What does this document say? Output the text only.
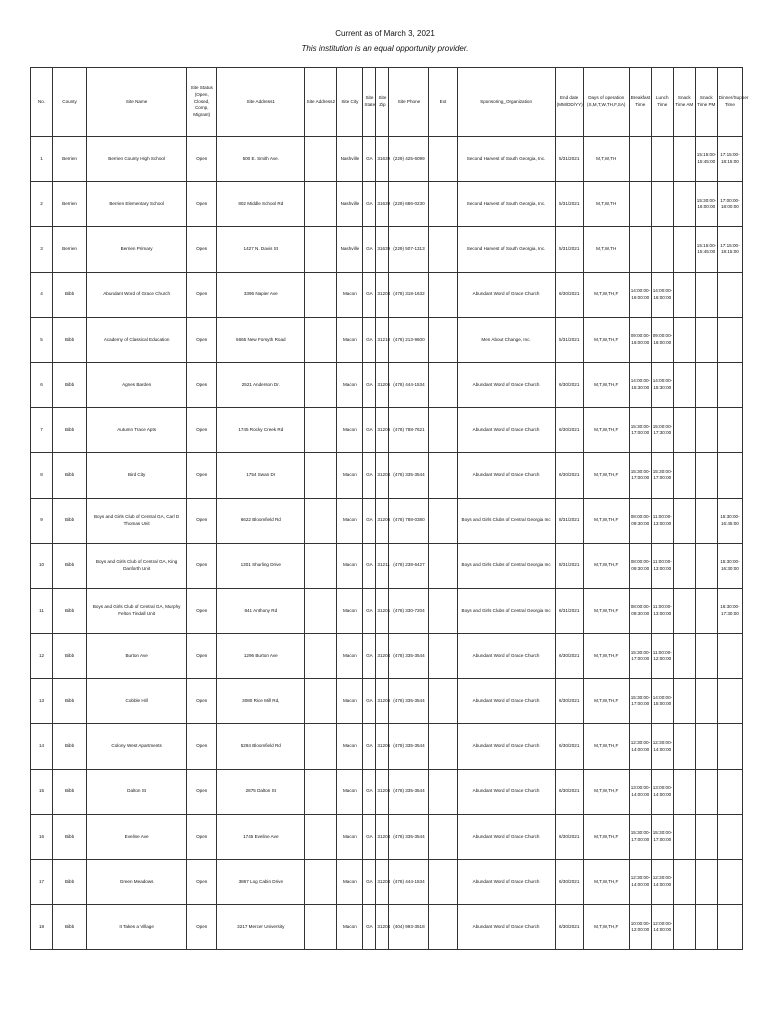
Current as of March 3, 2021
This institution is an equal opportunity provider.
No.	County	Site Name	Site Status (Open, Closed, Comp, Migrant)	Site Address1	Site Address2	Site City	Site State	Site Zip	Site Phone	Ext	Sponsoring_Organization	End date (MM/DD/YY)	Days of operation (S,M,T,W,TH,F,SA)	Breakfast Time	Lunch Time	Snack Time AM	Snack Time PM	Dinner/Supper Time
1	Berrien	Berrien County High School	Open	500 E. Smith Ave.		Nashville	GA	31639	(229) 425-6099		Second Harvest of South Georgia, Inc.	5/31/2021	M,T,W,TH				15:15:00-15:45:00	17:15:00-18:15:00
2	Berrien	Berrien Elementary School	Open	802 Middle School Rd		Nashville	GA	31639	(229) 686-0230		Second Harvest of South Georgia, Inc.	5/31/2021	M,T,W,TH				15:30:00-16:00:00	17:00:00-18:00:00
3	Berrien	Berrien Primary	Open	1427 N. Davis St		Nashville	GA	31639	(229) 507-1313		Second Harvest of South Georgia, Inc.	5/31/2021	M,T,W,TH				15:15:00-15:45:00	17:15:00-18:15:00
4	Bibb	Abundant Word of Grace Church	Open	3396 Napier Ave		Macon	GA	31204	(478) 318-1632		Abundant Word of Grace Church	6/30/2021	M,T,W,TH,F	14:00:00-16:00:00	14:00:00-16:00:00			
5	Bibb	Academy of Classical Education	Open	5665 New Forsyth Road		Macon	GA	31210	(478) 213-9600		Men About Change, Inc.	5/31/2021	M,T,W,TH,F	09:00:00-16:00:00	09:00:00-16:00:00			
6	Bibb	Agnes Barden	Open	2521 Anderson Dr.		Macon	GA	31206	(478) 444-1534		Abundant Word of Grace Church	6/30/2021	M,T,W,TH,F	14:00:00-15:30:00	14:00:00-15:30:00			
7	Bibb	Autumn Trace Apts	Open	1745 Rocky Creek Rd		Macon	GA	31206	(478) 788-7621		Abundant Word of Grace Church	6/30/2021	M,T,W,TH,F	15:30:00-17:00:00	15:00:00-17:30:00			
8	Bibb	Bird City	Open	1754 Swan Dr		Macon	GA	31204	(478) 335-3544		Abundant Word of Grace Church	6/30/2021	M,T,W,TH,F	15:30:00-17:00:00	15:30:00-17:00:00			
9	Bibb	Boys and Girls Club of Central GA, Carl D Thomas Unit	Open	6622 Bloomfield Rd		Macon	GA	31206	(478) 788-0380		Boys and Girls Clubs of Central Georgia Inc	8/31/2021	M,T,W,TH,F	08:00:00-09:30:00	11:00:00-13:00:00			15:30:00-16:45:00
10	Bibb	Boys and Girls Club of Central GA, King Danforth Unit	Open	1301 Shurling Drive		Macon	GA	31211	(478) 238-6427		Boys and Girls Clubs of Central Georgia Inc	8/31/2021	M,T,W,TH,F	08:00:00-09:30:00	11:00:00-13:00:00			15:30:00-16:30:00
11	Bibb	Boys and Girls Club of Central GA, Murphy Felton Tindall Unit	Open	841 Anthony Rd		Macon	GA	31201	(478) 330-7204		Boys and Girls Clubs of Central Georgia Inc	8/31/2021	M,T,W,TH,F	08:00:00-09:30:00	11:00:00-13:00:00			16:30:00-17:30:00
12	Bibb	Burton Ave	Open	1296 Burton Ave		Macon	GA	31204	(478) 335-3544		Abundant Word of Grace Church	6/30/2021	M,T,W,TH,F	15:30:00-17:00:00	11:00:00-12:00:00			
13	Bibb	Cobble Hill	Open	3080 Rice Mill Rd,		Macon	GA	31206	(478) 335-3544		Abundant Word of Grace Church	6/30/2021	M,T,W,TH,F	15:30:00-17:00:00	14:00:00-15:00:00			
14	Bibb	Colony West Apartments	Open	5284 Bloomfield Rd		Macon	GA	31206	(478) 335-3544		Abundant Word of Grace Church	6/30/2021	M,T,W,TH,F	12:30:00-14:00:00	12:30:00-14:00:00			
15	Bibb	Dalton St	Open	2875 Dalton St		Macon	GA	31206	(478) 335-3544		Abundant Word of Grace Church	6/30/2021	M,T,W,TH,F	13:00:00-14:00:00	13:00:00-14:00:00			
16	Bibb	Eveline Ave	Open	1745 Eveline Ave		Macon	GA	31204	(478) 335-3544		Abundant Word of Grace Church	6/30/2021	M,T,W,TH,F	15:30:00-17:00:00	15:30:00-17:00:00			
17	Bibb	Green Meadows	Open	3867 Log Cabin Drive		Macon	GA	31204	(478) 444-1534		Abundant Word of Grace Church	6/30/2021	M,T,W,TH,F	12:30:00-14:00:00	12:30:00-14:00:00			
18	Bibb	It Takes a Village	Open	3217 Mercer University		Macon	GA	31204	(404) 993-3518		Abundant Word of Grace Church	6/30/2021	M,T,W,TH,F	10:00:00-12:00:00	12:00:00-14:00:00			
